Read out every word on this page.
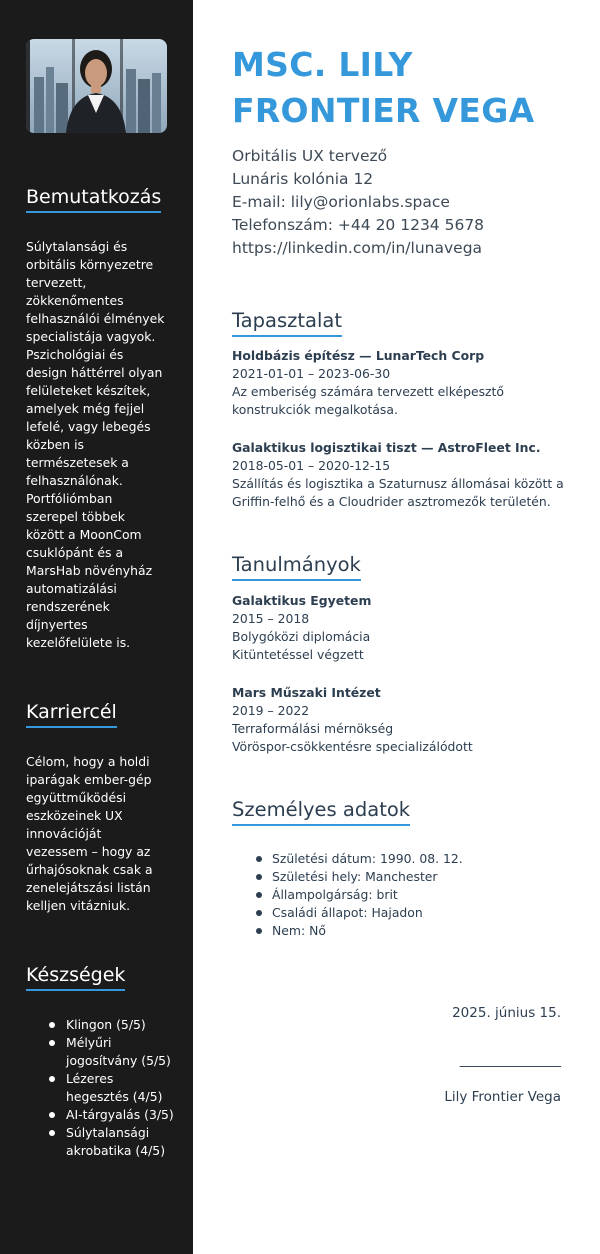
Bemutatkozás
Súlytalansági és orbitális környezetre tervezett, zökkenőmentes felhasználói élmények specialistája vagyok. Pszichológiai és design háttérrel olyan felületeket készítek, amelyek még fejjel lefelé, vagy lebegés közben is természetesek a felhasználónak. Portfóliómban szerepel többek között a MoonCom csuklópánt és a MarsHab növényház automatizálási rendszerének díjnyertes kezelőfelülete is.
Karriercél
Célom, hogy a holdi iparágak ember-gép együttműködési eszközeinek UX innovációját vezessem – hogy az űrhajósoknak csak a zenelejátszási listán kelljen vitázniuk.
Készségek
Klingon (5/5)
Mélyűri jogosítvány (5/5)
Lézeres hegesztés (4/5)
AI-tárgyalás (3/5)
Súlytalansági akrobatika (4/5)
MSC. LILY FRONTIER VEGA
Orbitális UX tervező
Lunáris kolónia 12
E-mail: lily@orionlabs.space
Telefonszám: +44 20 1234 5678
https://linkedin.com/in/lunavega
Tapasztalat
Holdbázis építész — LunarTech Corp
2021-01-01 – 2023-06-30
Az emberiség számára tervezett elképesztő konstrukciók megalkotása.
Galaktikus logisztikai tiszt — AstroFleet Inc.
2018-05-01 – 2020-12-15
Szállítás és logisztika a Szaturnusz állomásai között a Griffin-felhő és a Cloudrider asztromezők területén.
Tanulmányok
Galaktikus Egyetem
2015 – 2018
Bolygóközi diplomácia
Kitüntetéssel végzett
Mars Műszaki Intézet
2019 – 2022
Terraformálási mérnökség
Vöröspor-csökkentésre specializálódott
Személyes adatok
Születési dátum: 1990. 08. 12.
Születési hely: Manchester
Állampolgárság: brit
Családi állapot: Hajadon
Nem: Nő
2025. június 15.
_______________
Lily Frontier Vega
